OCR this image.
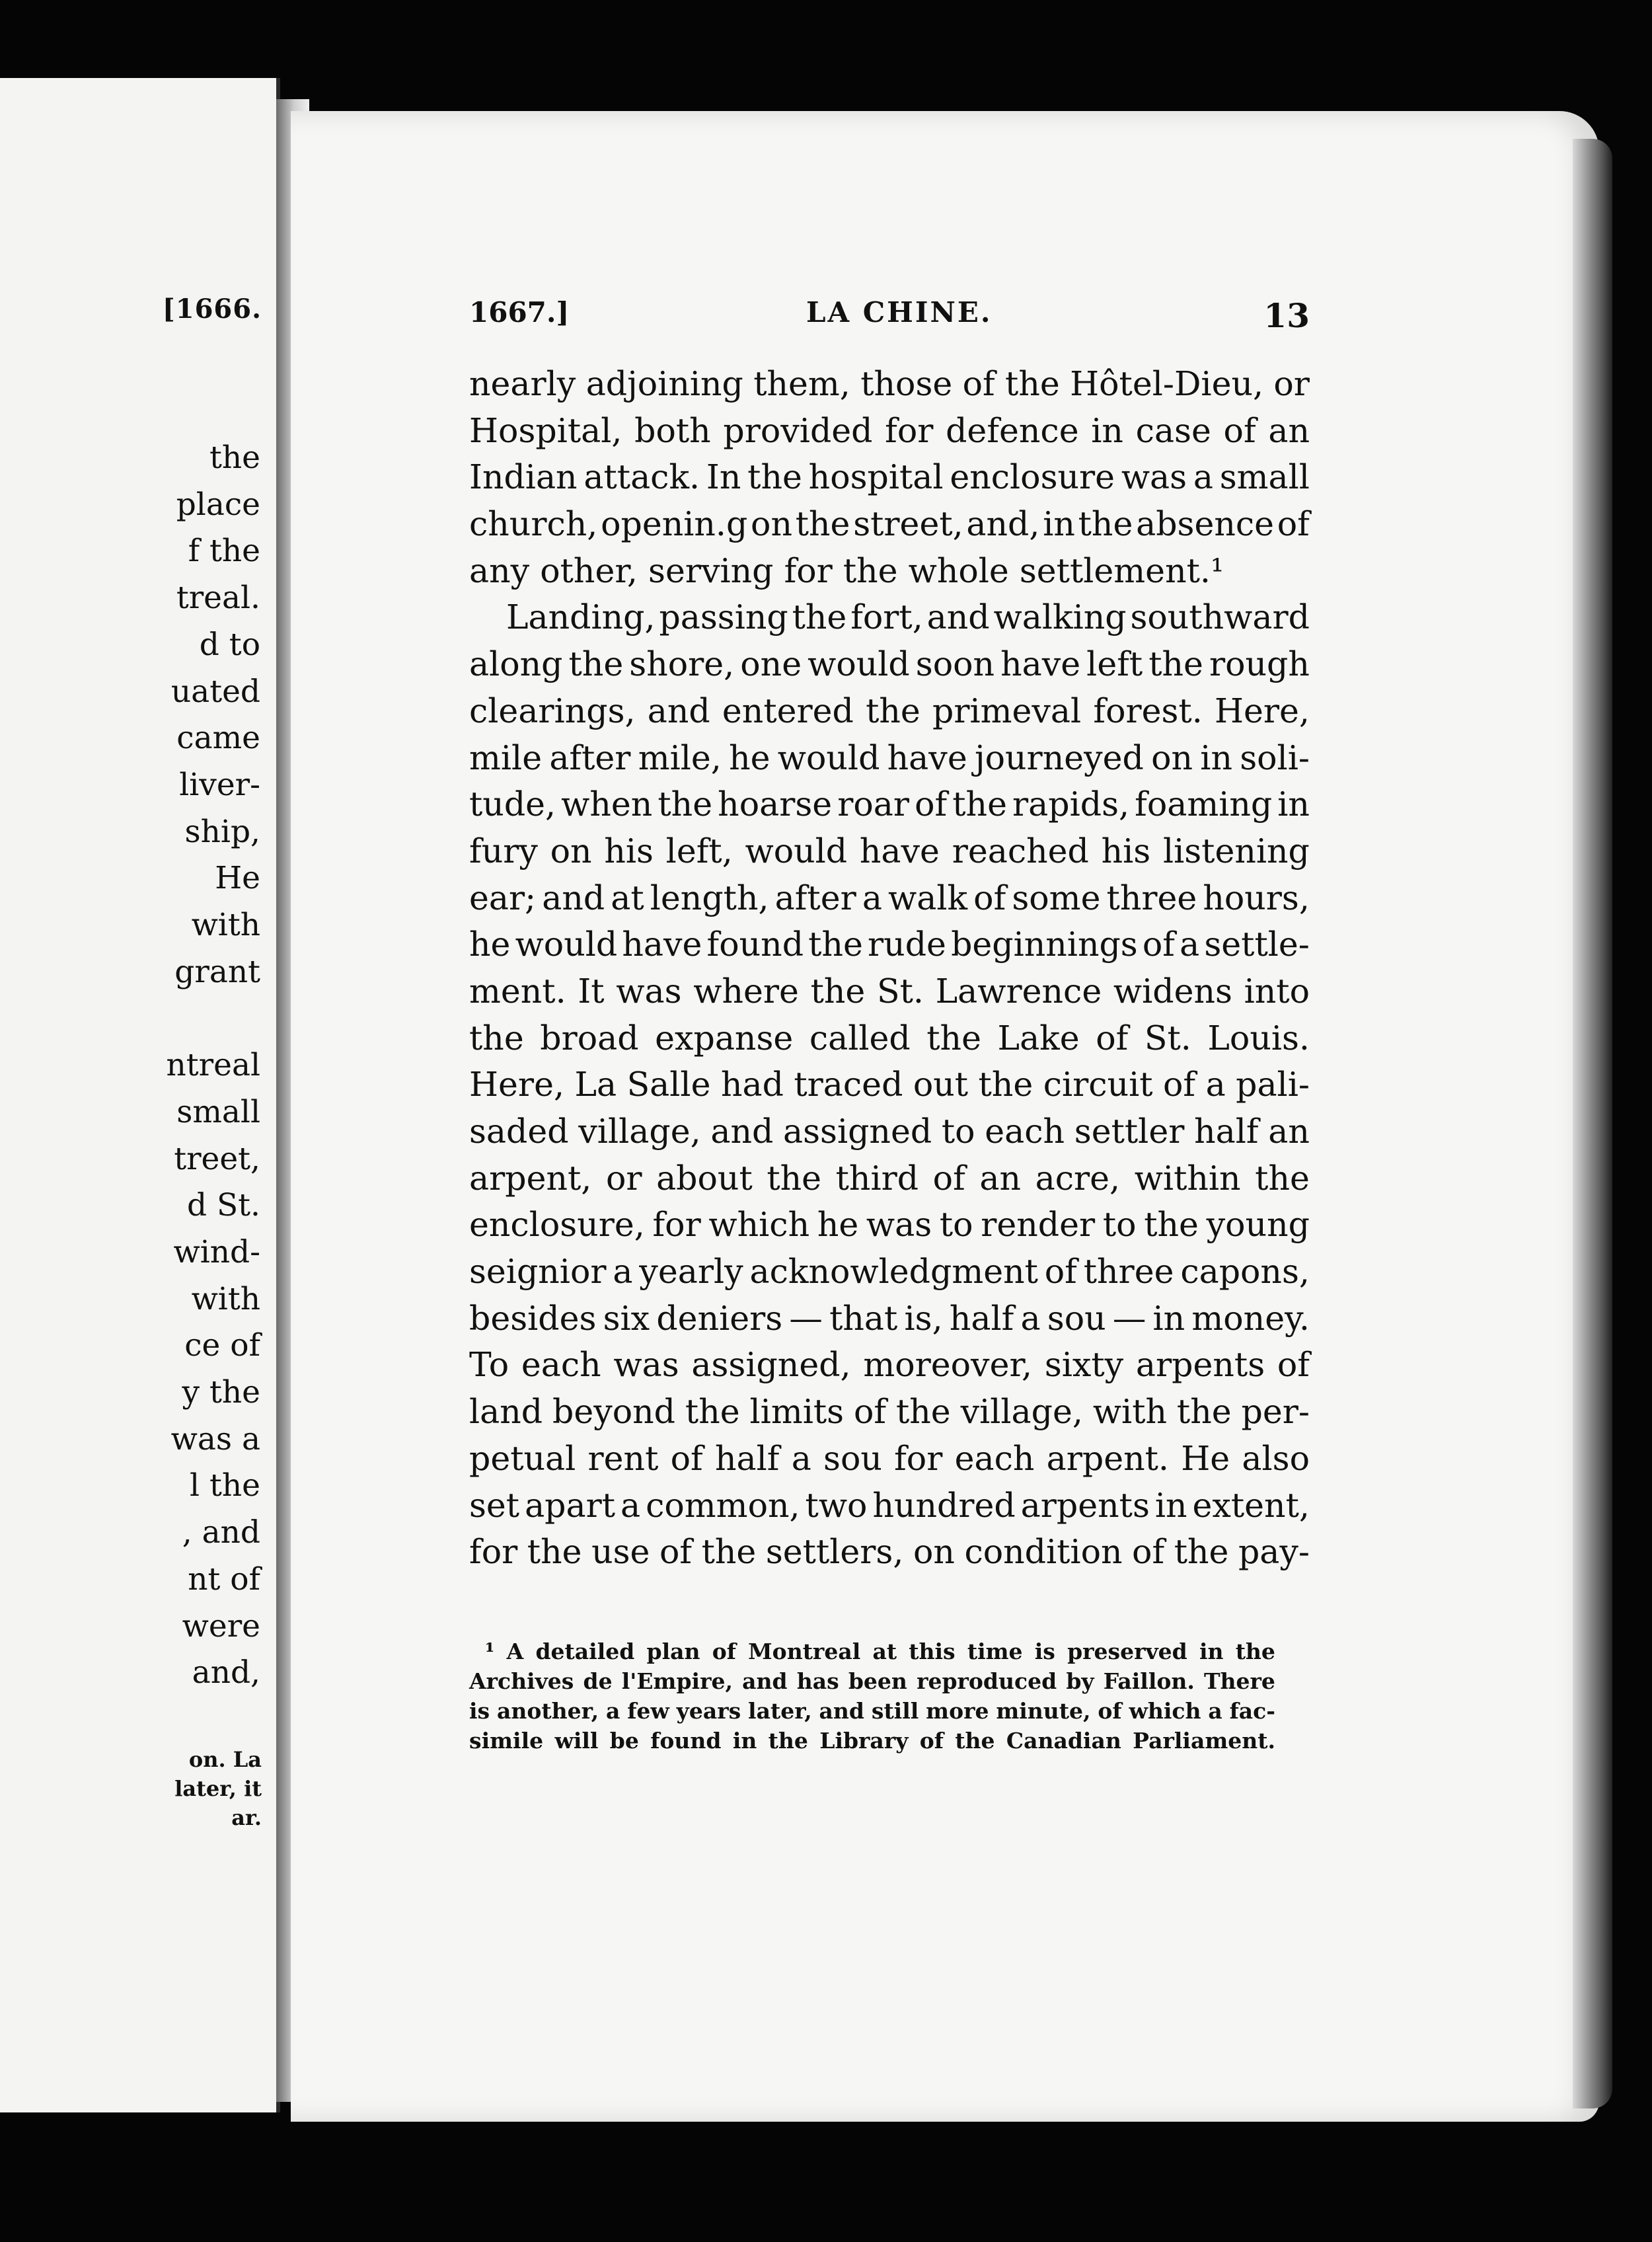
[1666.
the
place
f the
treal.
d to
uated
came
liver-
ship,
He
with
grant

ntreal
small
treet,
d St.
wind-
with
ce of
y the
was a
l the
, and
nt of
were
and,
on. La
later, it
ar.
1667.]	LA CHINE.	13
nearly adjoining them, those of the Hôtel-Dieu, or
Hospital, both provided for defence in case of an
Indian attack. In the hospital enclosure was a small
church, openin.g on the street, and, in the absence of
any other, serving for the whole settlement.¹
Landing, passing the fort, and walking southward
along the shore, one would soon have left the rough
clearings, and entered the primeval forest. Here,
mile after mile, he would have journeyed on in soli-
tude, when the hoarse roar of the rapids, foaming in
fury on his left, would have reached his listening
ear; and at length, after a walk of some three hours,
he would have found the rude beginnings of a settle-
ment. It was where the St. Lawrence widens into
the broad expanse called the Lake of St. Louis.
Here, La Salle had traced out the circuit of a pali-
saded village, and assigned to each settler half an
arpent, or about the third of an acre, within the
enclosure, for which he was to render to the young
seignior a yearly acknowledgment of three capons,
besides six deniers — that is, half a sou — in money.
To each was assigned, moreover, sixty arpents of
land beyond the limits of the village, with the per-
petual rent of half a sou for each arpent. He also
set apart a common, two hundred arpents in extent,
for the use of the settlers, on condition of the pay-
¹ A detailed plan of Montreal at this time is preserved in the
Archives de l'Empire, and has been reproduced by Faillon. There
is another, a few years later, and still more minute, of which a fac-
simile will be found in the Library of the Canadian Parliament.
